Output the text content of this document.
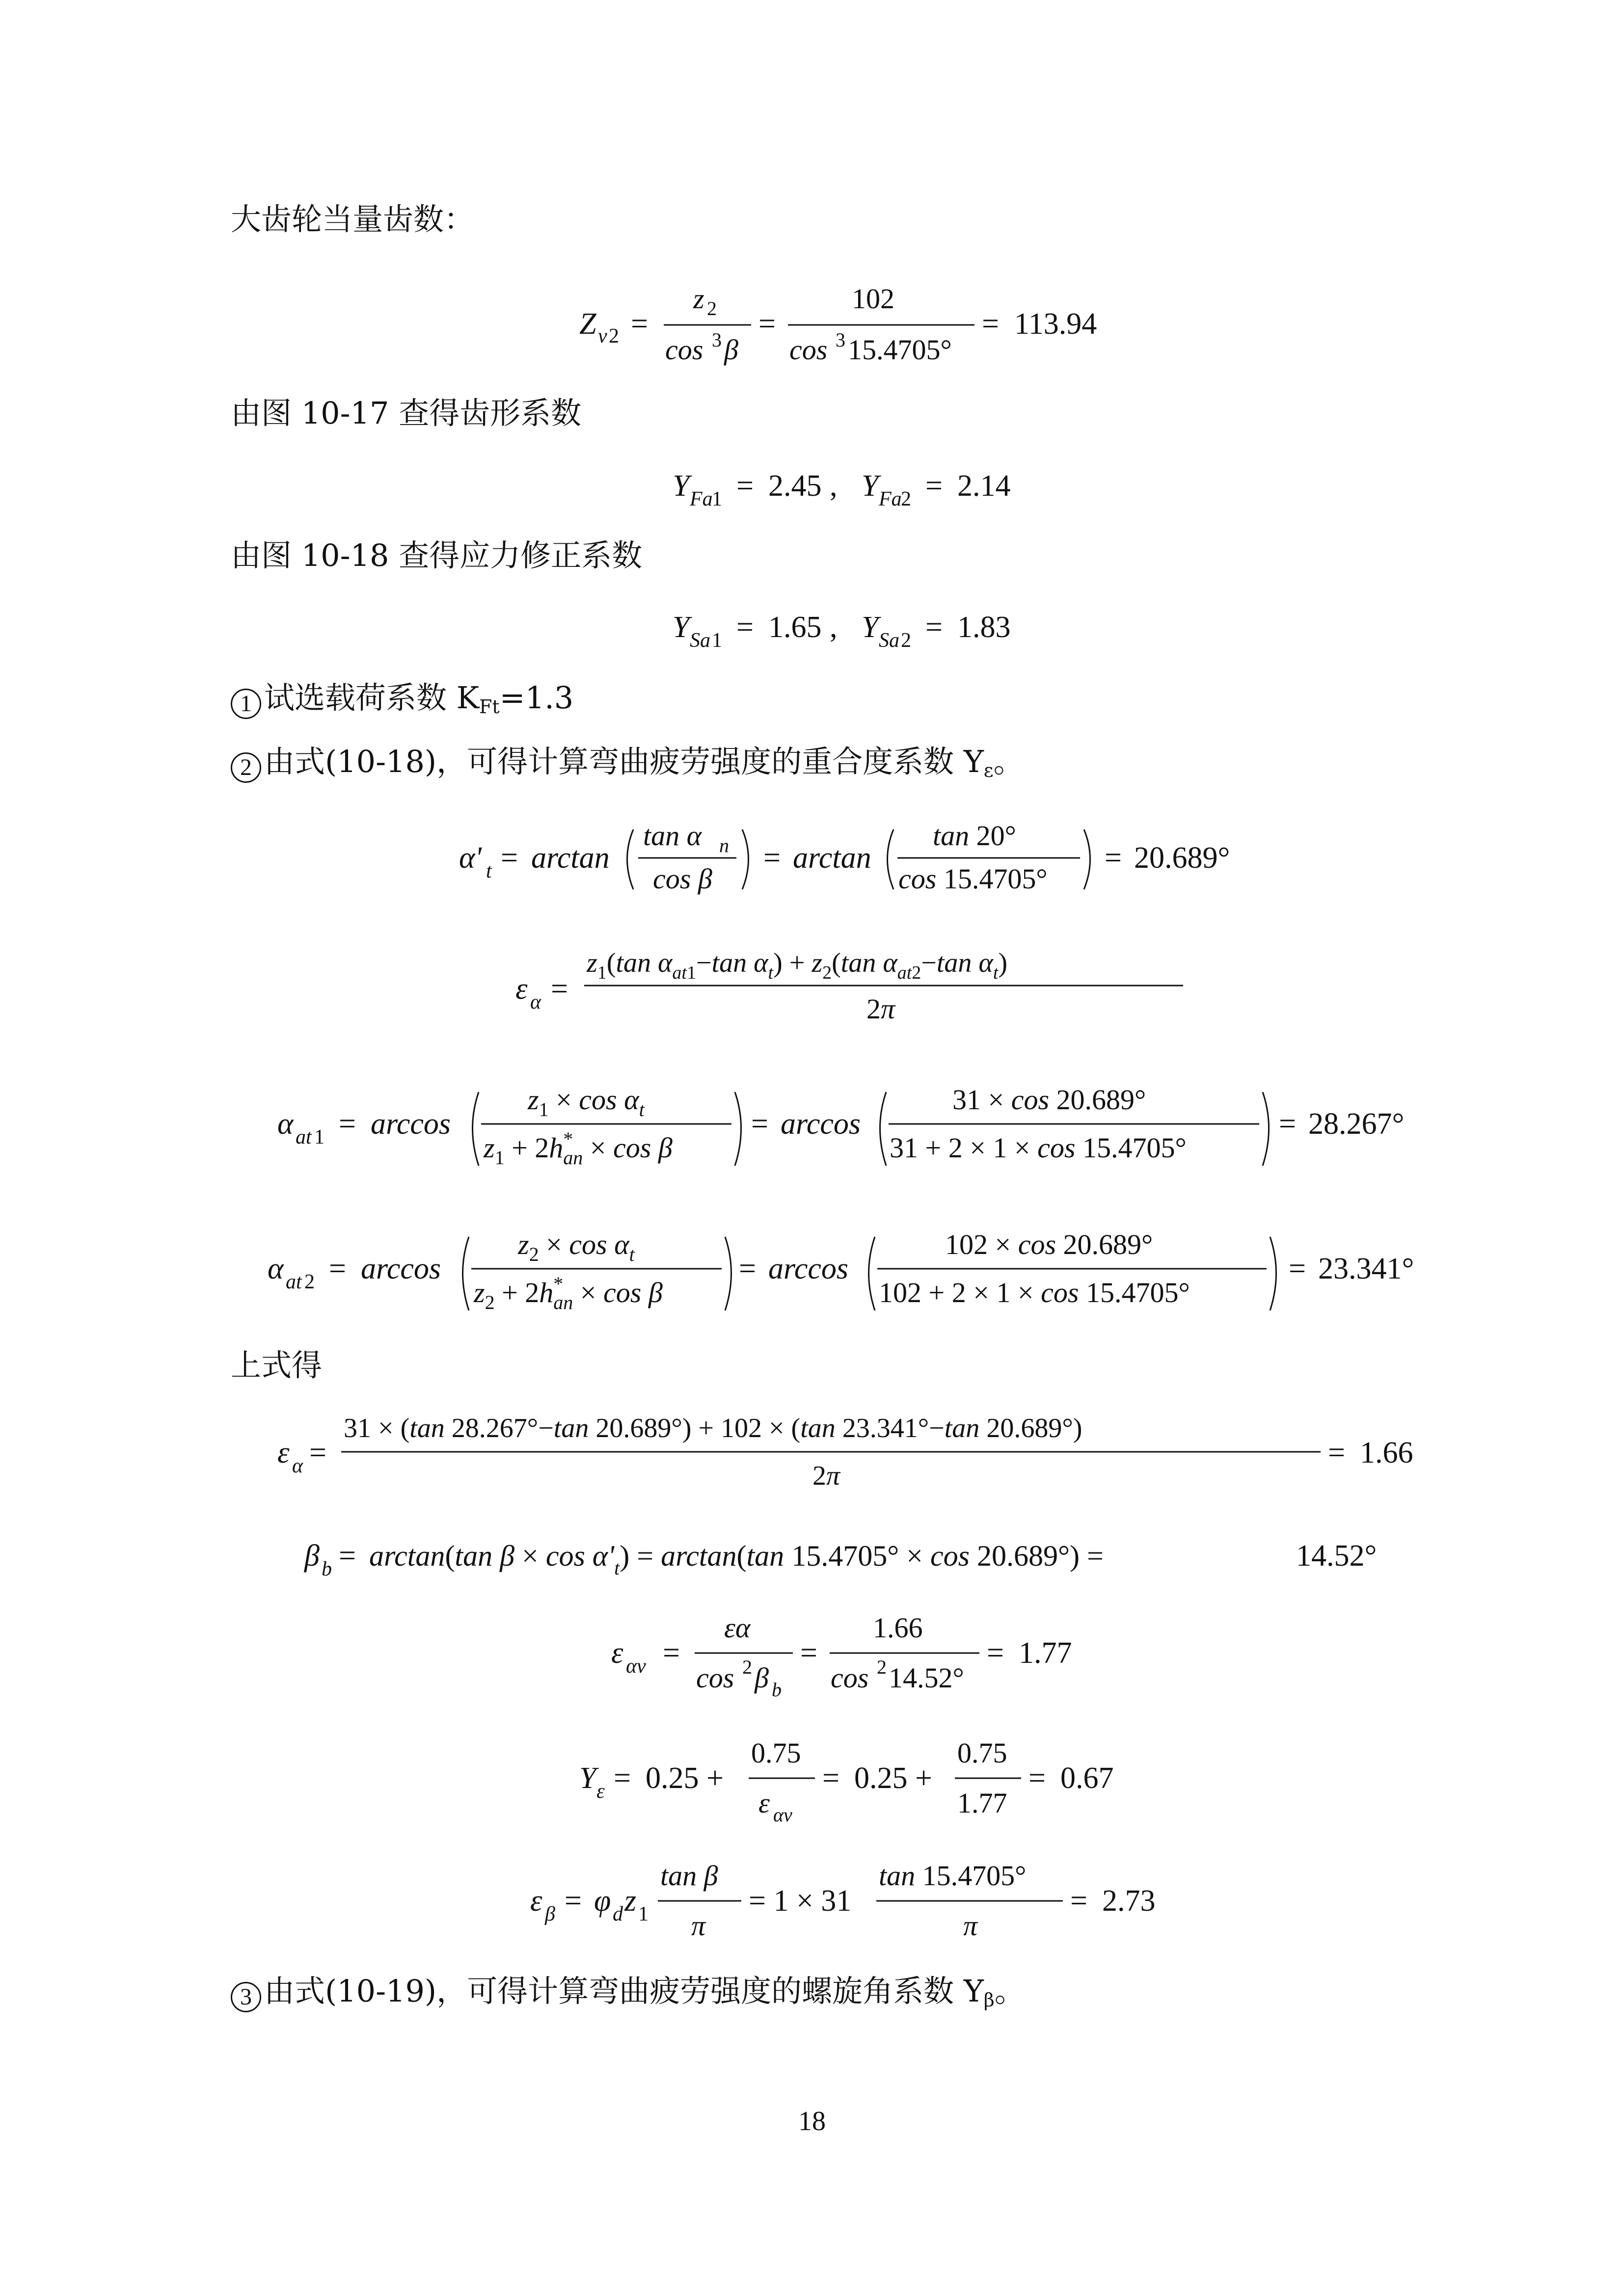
大齿轮当量齿数：
由图 10-17 查得齿形系数
由图 10-18 查得应力修正系数
1 试选载荷系数 $K_{Ft}=1.3$
2 由式(10-18)，可得计算弯曲疲劳强度的重合度系数 $Y_\varepsilon$。
上式得
3 由式(10-19)，可得计算弯曲疲劳强度的螺旋角系数 $Y_\beta$。
Z v 2 =
z 2
cos 3 β
=
102
cos 3 15.4705°
= 113.94
Y Fa
1 = 2.45 , Y Fa
2 = 2.14
Y Sa 1 = 1.65 , Y Sa 2 = 1.83
α' t = arctan
tan α n
cos β
= arctan
tan 20°
cos 15.4705°
= 20.689°
ε α =
$z_1(\tan$ $\alpha_{at}1-\tan$ $\alpha_t) + z_2(\tan$ $\alpha_{at}2-\tan$ $\alpha_t$)
2π
α at 1 = arccos
$z_1 \times \cos \alpha_t$
$z_1 + 2h^*$ an × cos β
= arccos
31 × cos 20.689°
31 + 2 × 1 × cos 15.4705°
= 28.267°
α at 2 = arccos
$z_2 \times \cos \alpha_t$
$z_2 + 2h^*$ an × cos β
= arccos
102 × cos 20.689°
102 + 2 × 1 × cos 15.4705°
= 23.341°
ε α =
31 × (tan 28.267°−tan 20.689°) + 102 × (tan 23.341°−tan 20.689°)
2π
= 1.66
β b = arctan(tan $\beta \times \cos \alpha'_t) = \arctan(\tan$ 15.4705° × cos 20.689°) =	14.52°
ε αv =
εα
cos 2 β b
=
1.66
cos 2 14.52°
= 1.77
Y ε = 0.25 +
0.75
ε αv
= 0.25 +
0.75
1.77
= 0.67
ε β = φ d z 1
tan β
π
= 1 × 31
tan 15.4705°
π
= 2.73
18
